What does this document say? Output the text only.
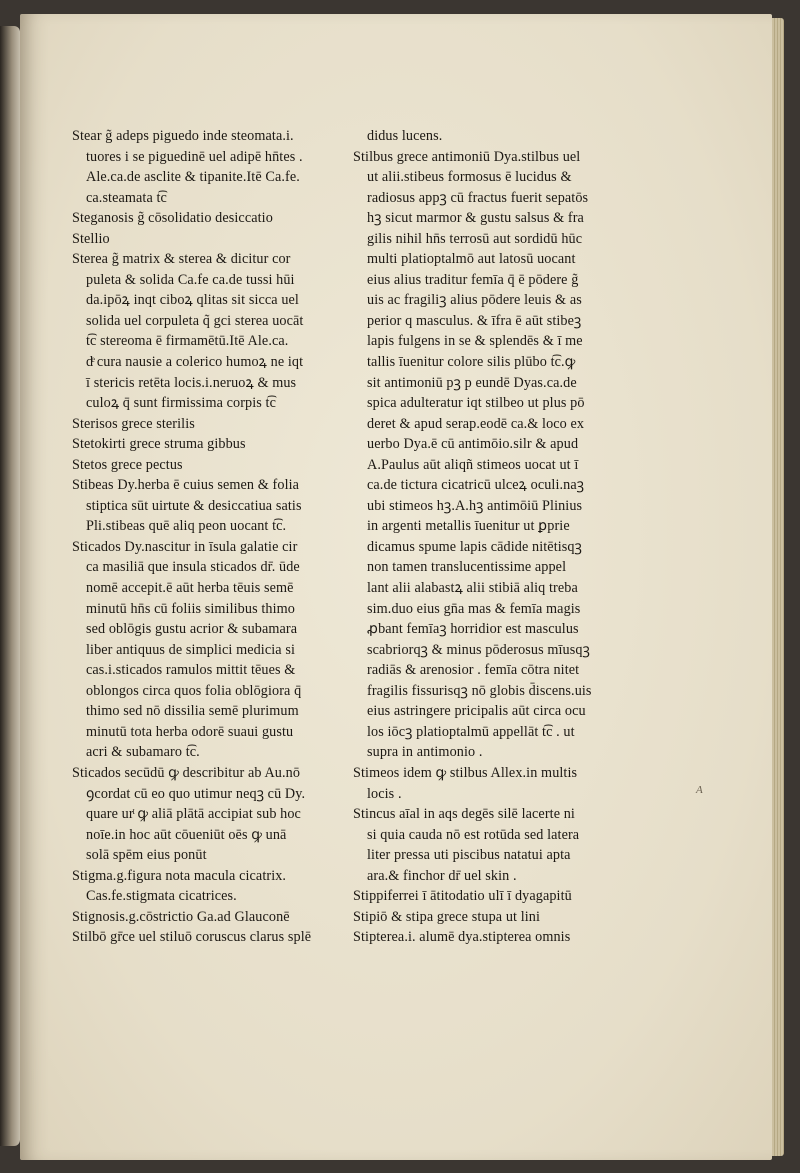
Stear g̃ adeps piguedo inde steomata.i.
tuores i se piguedinē uel adipē hn̄tes .
Ale.ca.de asclite & tipanite.Itē Ca.fe.
ca.steamata t͡c
Steganosis g̃ cōsolidatio desiccatio
Stellio
Sterea g̃ matrix & sterea & dicitur cor
puleta & solida Ca.fe ca.de tussi hūi
da.ipōꝝ inqt ciboꝝ qlitas sit sicca uel
solida uel corpuleta q̃ gci sterea uocāt
t͡c stereoma ē firmamētū.Itē Ale.ca.
dͤ cura nausie a colerico humoꝝ ne iqt
ī stericis retēta locis.i.neruoꝝ & mus
culoꝝ q̄ sunt firmissima corpis t͡c
Sterisos grece sterilis
Stetokirti grece struma gibbus
Stetos grece pectus
Stibeas Dy.herba ē cuius semen & folia
stiptica sūt uirtute & desiccatiua satis
Pli.stibeas quē aliq peon uocant t͡c.
Sticados Dy.nascitur in īsula galatie cir
ca masiliā que insula sticados dr̄. ūde
nomē accepit.ē aūt herba tēuis semē
minutū hn̄s cū foliis similibus thimo
sed oblōgis gustu acrior & subamara
liber antiquus de simplici medicia si
cas.i.sticados ramulos mittit tēues &
oblongos circa quos folia oblōgiora q̄
thimo sed nō dissilia semē plurimum
minutū tota herba odorē suaui gustu
acri & subamaro t͡c.
Sticados secūdū ꝙ describitur ab Au.nō
ꝯcordat cū eo quo utimur neqꝫ cū Dy.
quare urͭ ꝙ aliā plātā accipiat sub hoc
noīe.in hoc aūt cōueniūt oēs ꝙ unā
solā spēm eius ponūt
Stigma.g.figura nota macula cicatrix.
Cas.fe.stigmata cicatrices.
Stignosis.g.cōstrictio Ga.ad Glauconē
Stilbō gr̄ce uel stiluō coruscus clarus splē
didus lucens.
Stilbus grece antimoniū Dya.stilbus uel
ut alii.stibeus formosus ē lucidus &
radiosus appꝫ cū fractus fuerit sepatōs
hꝫ sicut marmor & gustu salsus & fra
gilis nihil hn̄s terrosū aut sordidū hūc
multi platioptalmō aut latosū uocant
eius alius traditur femīa q̄ ē pōdere g̃
uis ac fragiliꝫ alius pōdere leuis & as
perior q masculus. & īfra ē aūt stibeꝫ
lapis fulgens in se & splendēs & ī me
tallis īuenitur colore silis plūbo t͡c.ꝙ
sit antimoniū pꝫ p eundē Dyas.ca.de
spica adulteratur iqt stilbeo ut plus pō
deret & apud serap.eodē ca.& loco ex
uerbo Dya.ē cū antimōio.silr & apud
A.Paulus aūt aliqñ stimeos uocat ut ī
ca.de tictura cicatricū ulceꝝ oculi.naꝫ
ubi stimeos hꝫ.A.hꝫ antimōiū Plinius
in argenti metallis īuenitur ut ꝑprie
dicamus spume lapis cādide nitētisqꝫ
non tamen translucentissime appel
lant alii alabastꝝ alii stibiā aliq treba
sim.duo eius gn̄a mas & femīa magis
ꝓbant femīaꝫ horridior est masculus
scabriorqꝫ & minus pōderosus mīusqꝫ
radiās & arenosior . femīa cōtra nitet
fragilis fissurisqꝫ nō globis d̄iscens.uis
eius astringere pricipalis aūt circa ocu
los iōcꝫ platioptalmū appellāt t͡c . ut
supra in antimonio .
Stimeos idem ꝙ stilbus Allex.in multis
locis .
Stincus aīal in aqs degēs silē lacerte ni
si quia cauda nō est rotūda sed latera
liter pressa uti piscibus natatui apta
ara.& finchor dr̄ uel skin .
Stippiferrei ī ātitodatio ulī ī dyagapitū
Stipiō & stipa grece stupa ut lini
Stipterea.i. alumē dya.stipterea omnis
A
